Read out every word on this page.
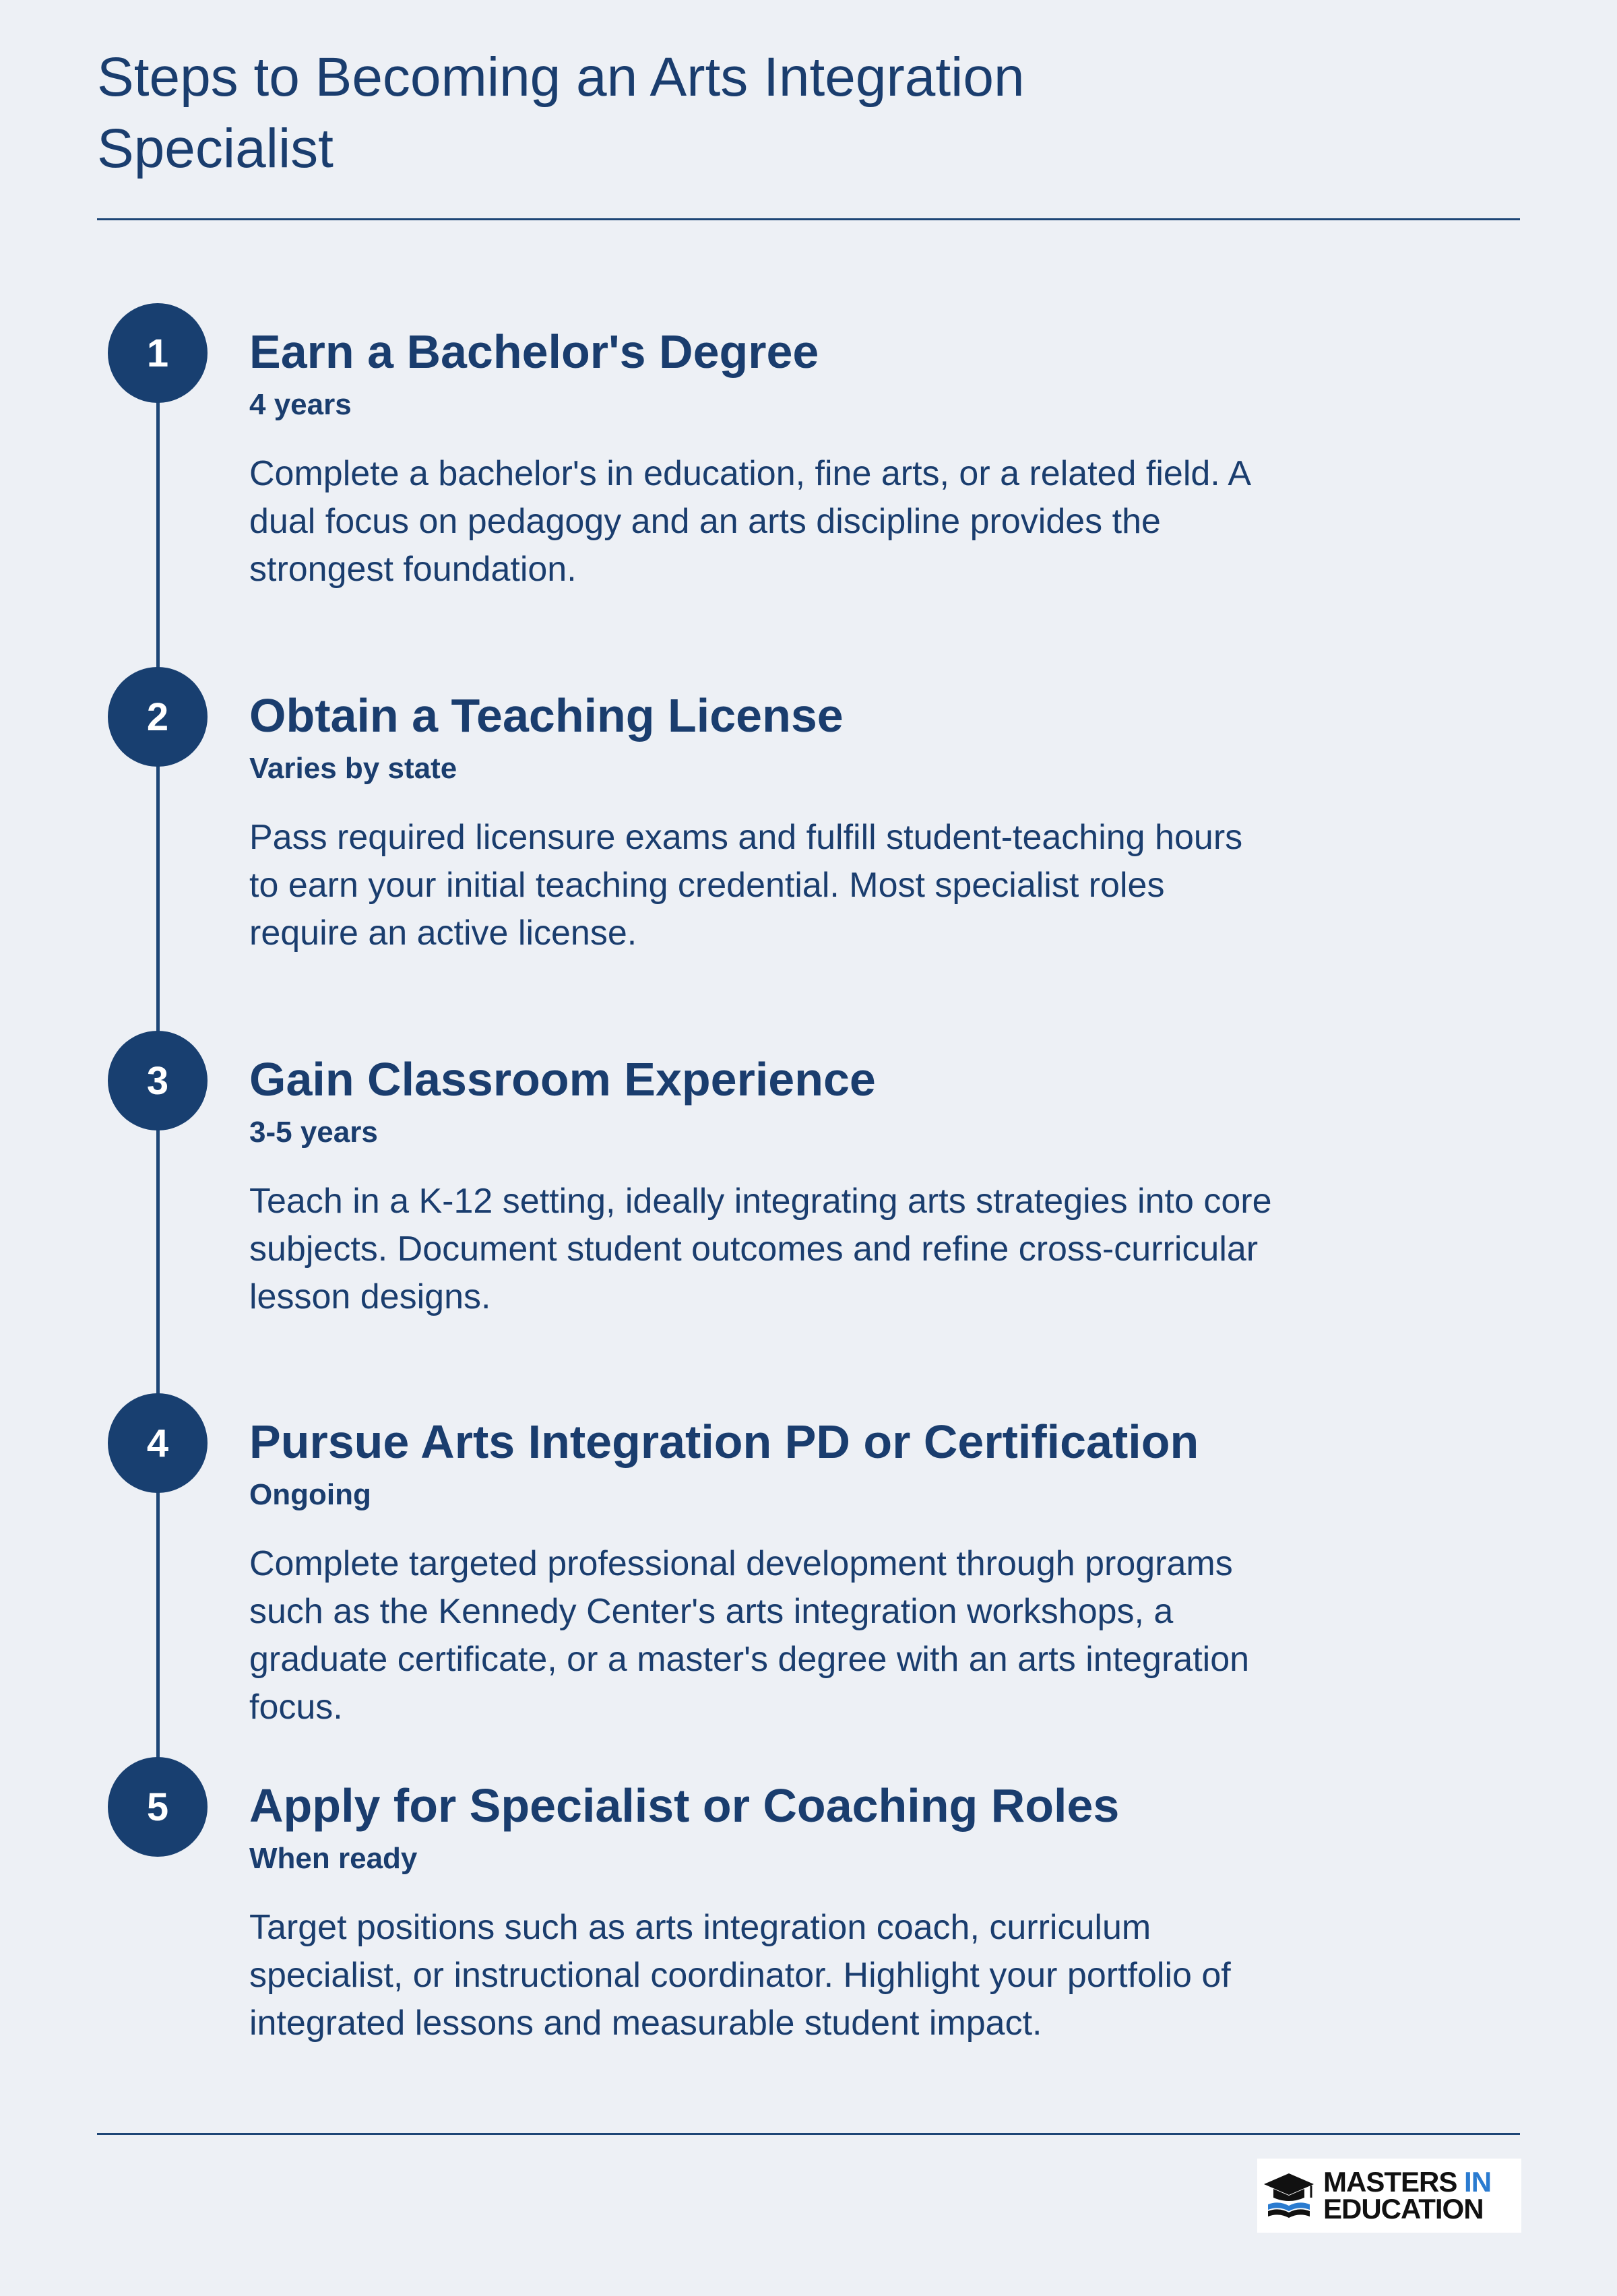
Steps to Becoming an Arts Integration Specialist
1	Earn a Bachelor's Degree
4 years

Complete a bachelor's in education, fine arts, or a related field. A dual focus on pedagogy and an arts discipline provides the strongest foundation.

2	Obtain a Teaching License
Varies by state

Pass required licensure exams and fulfill student-teaching hours to earn your initial teaching credential. Most specialist roles require an active license.

3	Gain Classroom Experience
3-5 years

Teach in a K-12 setting, ideally integrating arts strategies into core subjects. Document student outcomes and refine cross-curricular lesson designs.

4	Pursue Arts Integration PD or Certification
Ongoing

Complete targeted professional development through programs such as the Kennedy Center's arts integration workshops, a graduate certificate, or a master's degree with an arts integration focus.

5	Apply for Specialist or Coaching Roles
When ready

Target positions such as arts integration coach, curriculum specialist, or instructional coordinator. Highlight your portfolio of integrated lessons and measurable student impact.

MASTERS IN
EDUCATION
